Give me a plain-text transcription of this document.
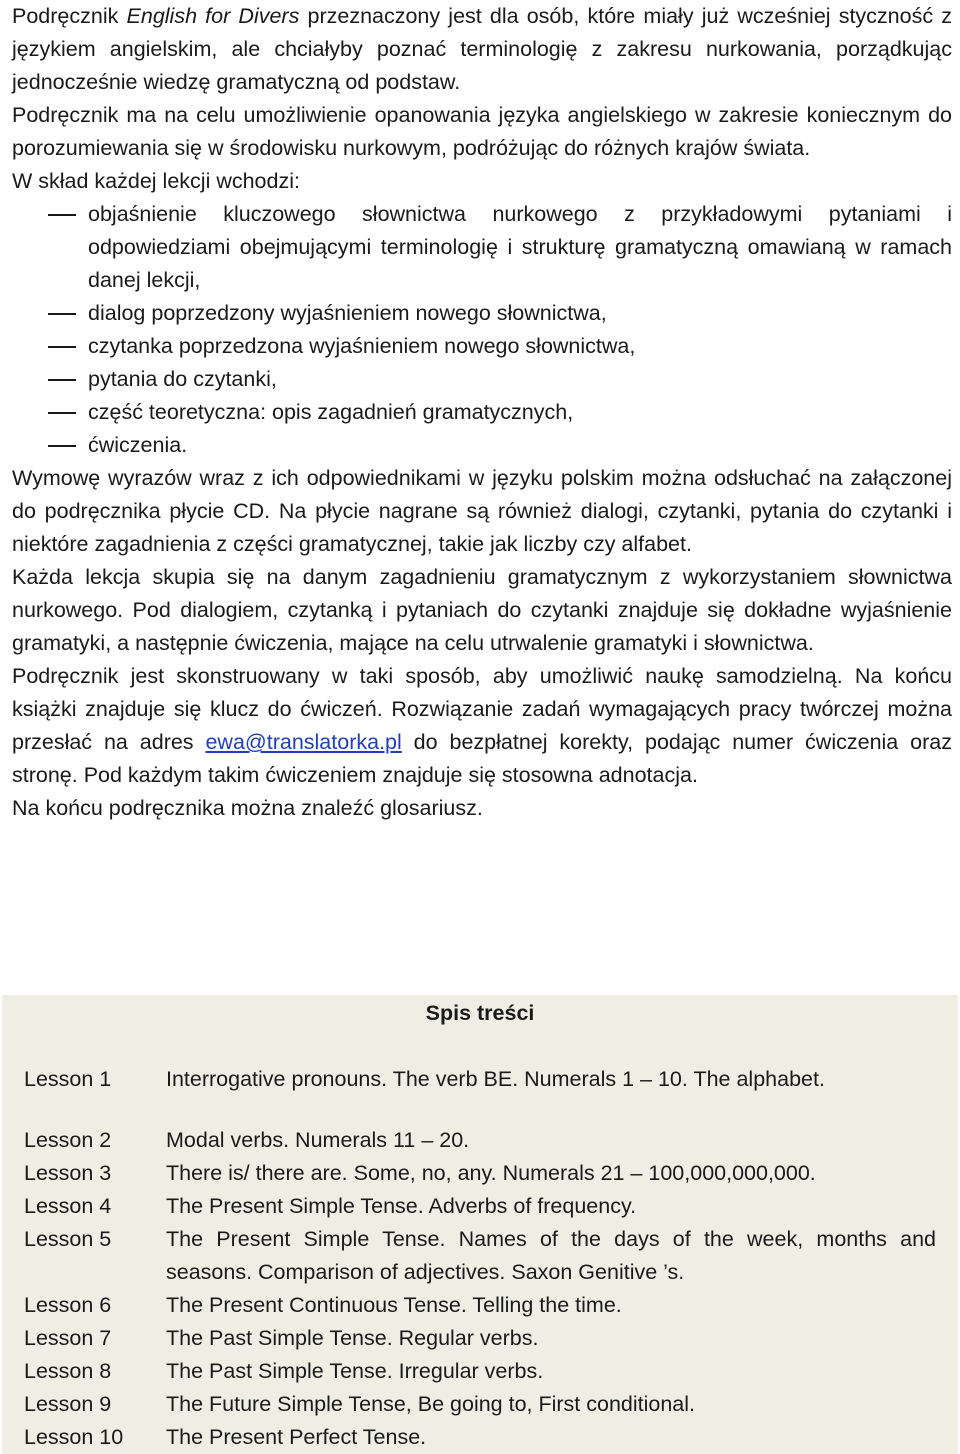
Podręcznik English for Divers przeznaczony jest dla osób, które miały już wcześniej styczność z językiem angielskim, ale chciałyby poznać terminologię z zakresu nurkowania, porządkując jednocześnie wiedzę gramatyczną od podstaw.

Podręcznik ma na celu umożliwienie opanowania języka angielskiego w zakresie koniecznym do porozumiewania się w środowisku nurkowym, podróżując do różnych krajów świata.

W skład każdej lekcji wchodzi:

objaśnienie kluczowego słownictwa nurkowego z przykładowymi pytaniami i odpowiedziami obejmującymi terminologię i strukturę gramatyczną omawianą w ramach danej lekcji,
dialog poprzedzony wyjaśnieniem nowego słownictwa,
czytanka poprzedzona wyjaśnieniem nowego słownictwa,
pytania do czytanki,
część teoretyczna: opis zagadnień gramatycznych,
ćwiczenia.

Wymowę wyrazów wraz z ich odpowiednikami w języku polskim można odsłuchać na załączonej do podręcznika płycie CD. Na płycie nagrane są również dialogi, czytanki, pytania do czytanki i niektóre zagadnienia z części gramatycznej, takie jak liczby czy alfabet.

Każda lekcja skupia się na danym zagadnieniu gramatycznym z wykorzystaniem słownictwa nurkowego. Pod dialogiem, czytanką i pytaniach do czytanki znajduje się dokładne wyjaśnienie gramatyki, a następnie ćwiczenia, mające na celu utrwalenie gramatyki i słownictwa.

Podręcznik jest skonstruowany w taki sposób, aby umożliwić naukę samodzielną. Na końcu książki znajduje się klucz do ćwiczeń. Rozwiązanie zadań wymagających pracy twórczej można przesłać na adres ewa@translatorka.pl do bezpłatnej korekty, podając numer ćwiczenia oraz stronę. Pod każdym takim ćwiczeniem znajduje się stosowna adnotacja.

Na końcu podręcznika można znaleźć glosariusz.

Spis treści
Lesson 1	Interrogative pronouns. The verb BE. Numerals 1 – 10. The alphabet.
Lesson 2	Modal verbs. Numerals 11 – 20.
Lesson 3	There is/ there are. Some, no, any. Numerals 21 – 100,000,000,000.
Lesson 4	The Present Simple Tense. Adverbs of frequency.
Lesson 5	The Present Simple Tense. Names of the days of the week, months and seasons. Comparison of adjectives. Saxon Genitive ’s.
Lesson 6	The Present Continuous Tense. Telling the time.
Lesson 7	The Past Simple Tense. Regular verbs.
Lesson 8	The Past Simple Tense. Irregular verbs.
Lesson 9	The Future Simple Tense, Be going to, First conditional.
Lesson 10	The Present Perfect Tense.
